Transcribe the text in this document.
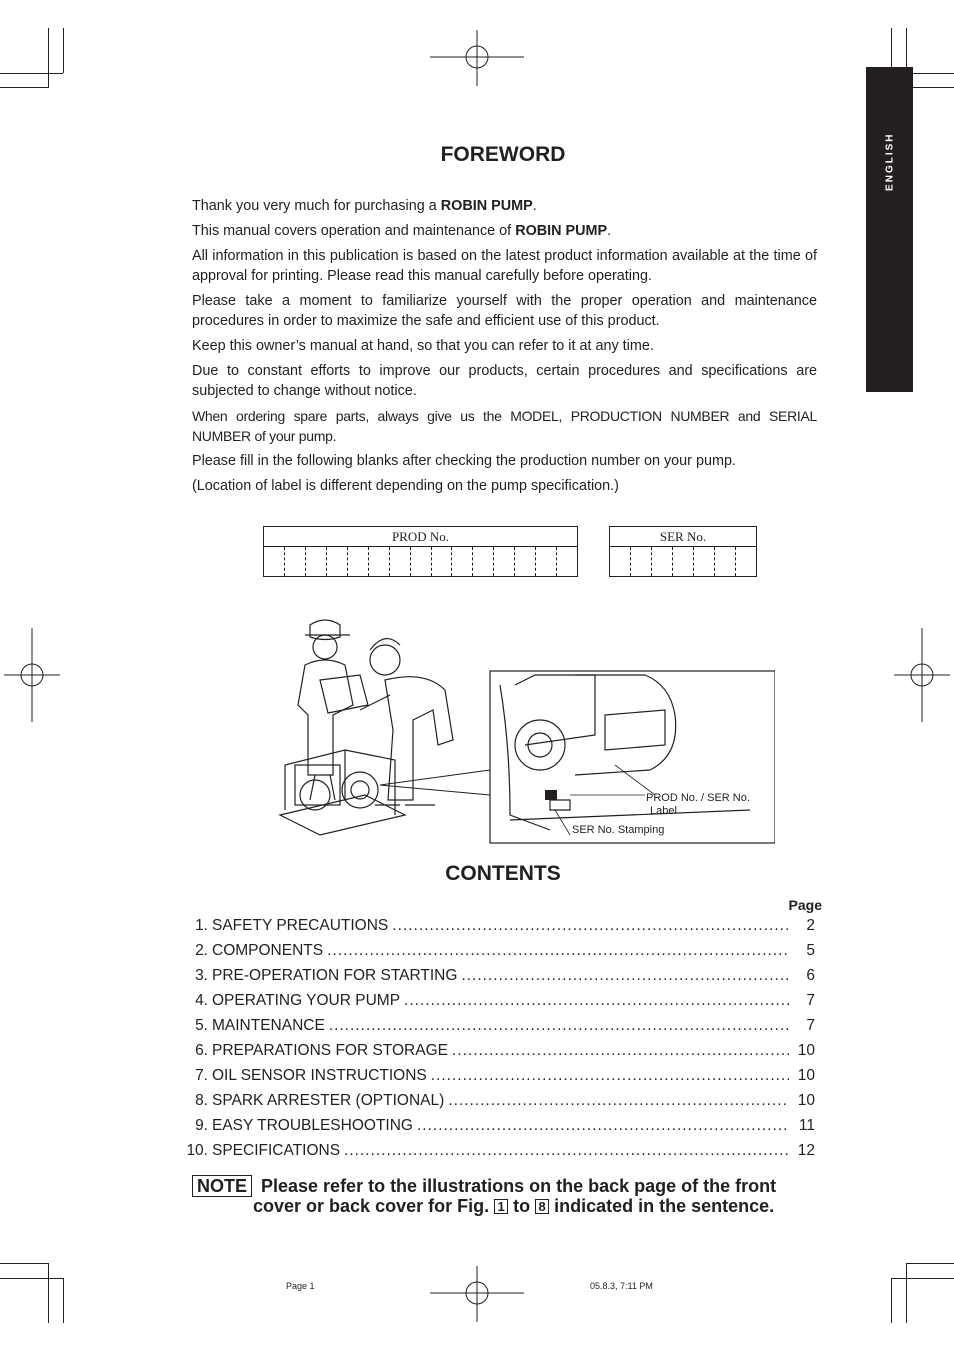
ENGLISH
FOREWORD

Thank you very much for purchasing a ROBIN PUMP.

This manual covers operation and maintenance of ROBIN PUMP.

All information in this publication is based on the latest product information available at the time of approval for printing. Please read this manual carefully before operating.

Please take a moment to familiarize yourself with the proper operation and maintenance procedures in order to maximize the safe and efficient use of this product.

Keep this owner’s manual at hand, so that you can refer to it at any time.

Due to constant efforts to improve our products, certain procedures and specifications are subjected to change without notice.

When ordering spare parts, always give us the MODEL, PRODUCTION NUMBER and SERIAL NUMBER of your pump.

Please fill in the following blanks after checking the production number on your pump.

(Location of label is different depending on the pump specification.)

PROD No.	SER No.
PROD No. / SER No.
Label
SER No. Stamping
CONTENTS
Page
1. SAFETY PRECAUTIONS .....	2
2. COMPONENTS .....	5
3. PRE-OPERATION FOR STARTING .....	6
4. OPERATING YOUR PUMP .....	7
5. MAINTENANCE .....	7
6. PREPARATIONS FOR STORAGE .....	10
7. OIL SENSOR INSTRUCTIONS .....	10
8. SPARK ARRESTER (OPTIONAL) .....	10
9. EASY TROUBLESHOOTING .....	11
10. SPECIFICATIONS .....	12
NOTE Please refer to the illustrations on the back page of the front
cover or back cover for Fig. 1 to 8 indicated in the sentence.
Page 1	05.8.3, 7:11 PM
